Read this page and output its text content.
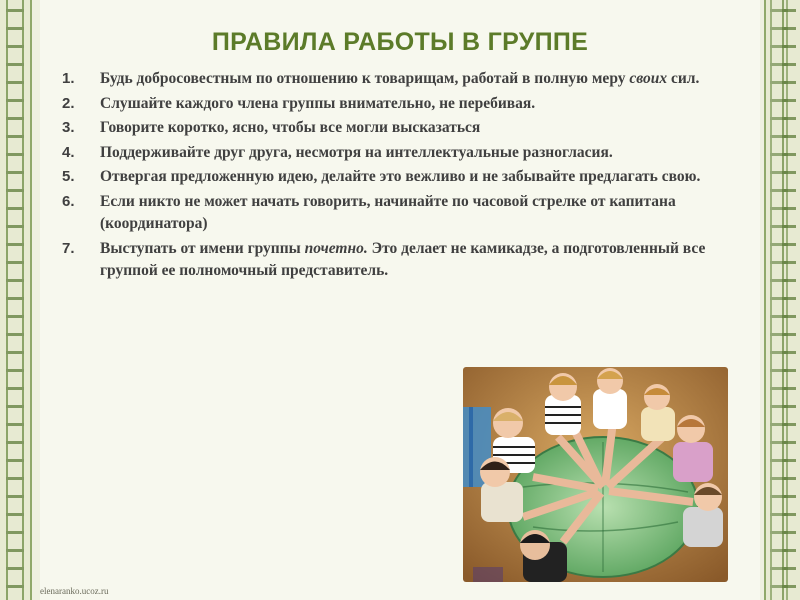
ПРАВИЛА РАБОТЫ В ГРУППЕ
1. Будь добросовестным по отношению к товарищам, работай в полную меру своих сил.
2. Слушайте каждого члена группы внимательно, не перебивая.
3. Говорите коротко, ясно, чтобы все могли высказаться
4. Поддерживайте друг друга, несмотря на интеллектуальные разногласия.
5. Отвергая предложенную идею, делайте это вежливо и не забывайте предлагать свою.
6. Если никто не может начать говорить, начинайте по часовой стрелке от капитана (координатора)
7. Выступать от имени группы почетно. Это делает не камикадзе, а подготовленный все группой ее полномочный представитель.
elenaranko.ucoz.ru
